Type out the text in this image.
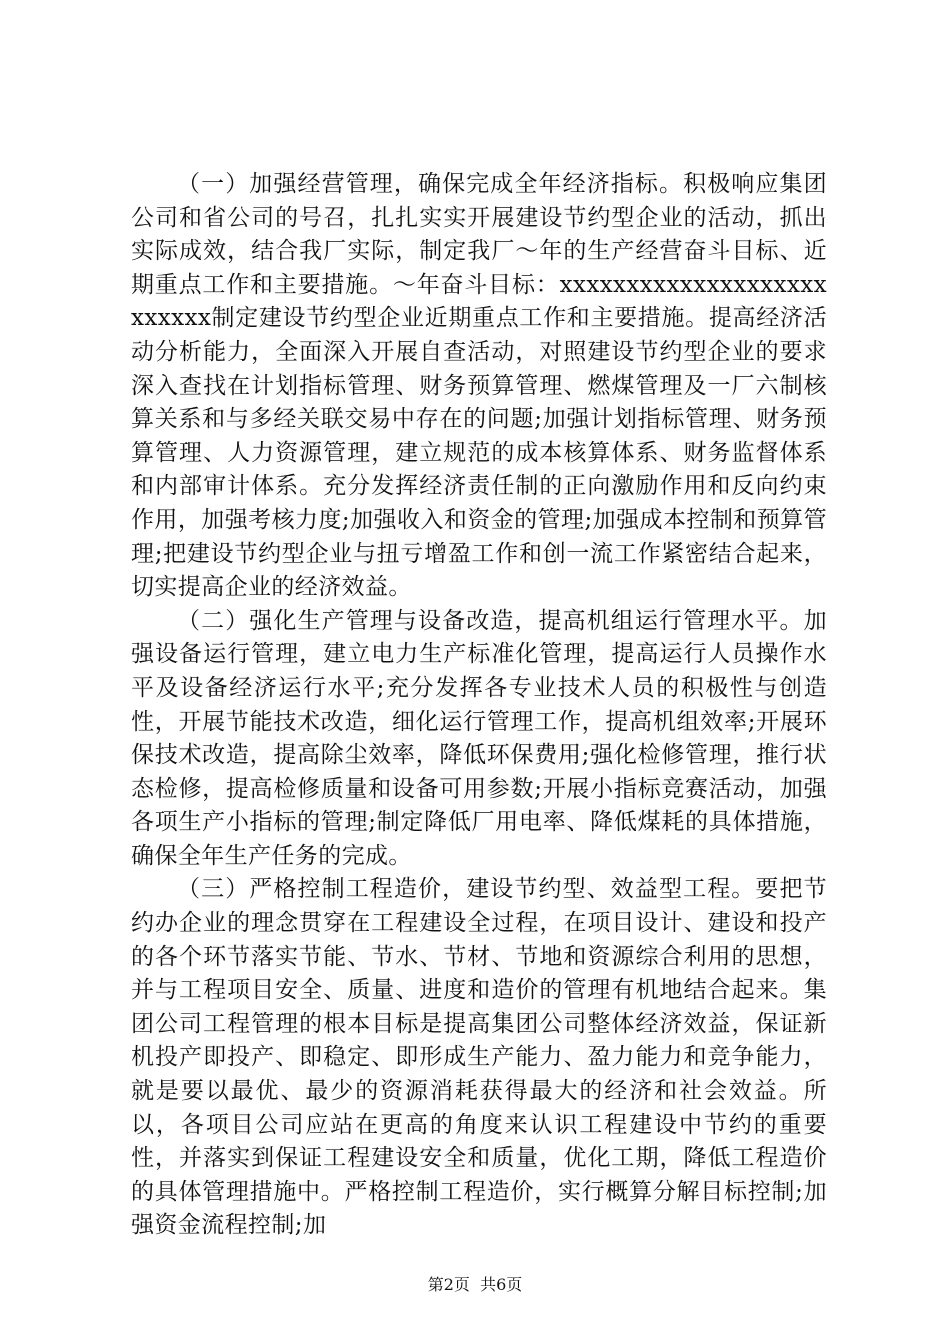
（一）加强经营管理，确保完成全年经济指标。积极响应集团公司和省公司的号召，扎扎实实开展建设节约型企业的活动，抓出实际成效，结合我厂实际，制定我厂～年的生产经营奋斗目标、近期重点工作和主要措施。～年奋斗目标：xxxxxxxxxxxxxxxxxxxxxxxxxx制定建设节约型企业近期重点工作和主要措施。提高经济活动分析能力，全面深入开展自查活动，对照建设节约型企业的要求深入查找在计划指标管理、财务预算管理、燃煤管理及一厂六制核算关系和与多经关联交易中存在的问题;加强计划指标管理、财务预算管理、人力资源管理，建立规范的成本核算体系、财务监督体系和内部审计体系。充分发挥经济责任制的正向激励作用和反向约束作用，加强考核力度;加强收入和资金的管理;加强成本控制和预算管理;把建设节约型企业与扭亏增盈工作和创一流工作紧密结合起来，切实提高企业的经济效益。

（二）强化生产管理与设备改造，提高机组运行管理水平。加强设备运行管理，建立电力生产标准化管理，提高运行人员操作水平及设备经济运行水平;充分发挥各专业技术人员的积极性与创造性，开展节能技术改造，细化运行管理工作，提高机组效率;开展环保技术改造，提高除尘效率，降低环保费用;强化检修管理，推行状态检修，提高检修质量和设备可用参数;开展小指标竞赛活动，加强各项生产小指标的管理;制定降低厂用电率、降低煤耗的具体措施，确保全年生产任务的完成。

（三）严格控制工程造价，建设节约型、效益型工程。要把节约办企业的理念贯穿在工程建设全过程，在项目设计、建设和投产的各个环节落实节能、节水、节材、节地和资源综合利用的思想，并与工程项目安全、质量、进度和造价的管理有机地结合起来。集团公司工程管理的根本目标是提高集团公司整体经济效益，保证新机投产即投产、即稳定、即形成生产能力、盈力能力和竞争能力，就是要以最优、最少的资源消耗获得最大的经济和社会效益。所以，各项目公司应站在更高的角度来认识工程建设中节约的重要性，并落实到保证工程建设安全和质量，优化工期，降低工程造价的具体管理措施中。严格控制工程造价，实行概算分解目标控制;加强资金流程控制;加

第2页 共6页
